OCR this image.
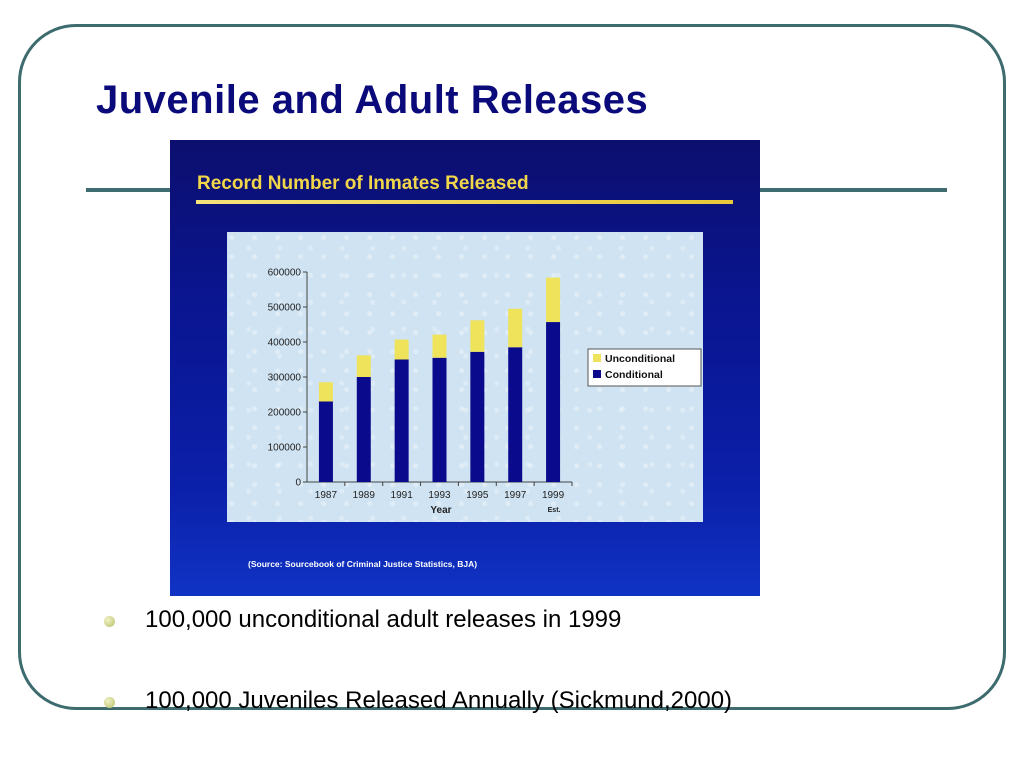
Juvenile and Adult Releases
Record Number of Inmates Released
0
100000
200000
300000
400000
500000
600000
1987 1989 1991 1993 1995 1997 1999
Est.
Year
Unconditional
Conditional
(Source: Sourcebook of Criminal Justice Statistics, BJA)
100,000 unconditional adult releases in 1999
100,000 Juveniles Released Annually (Sickmund,2000).
